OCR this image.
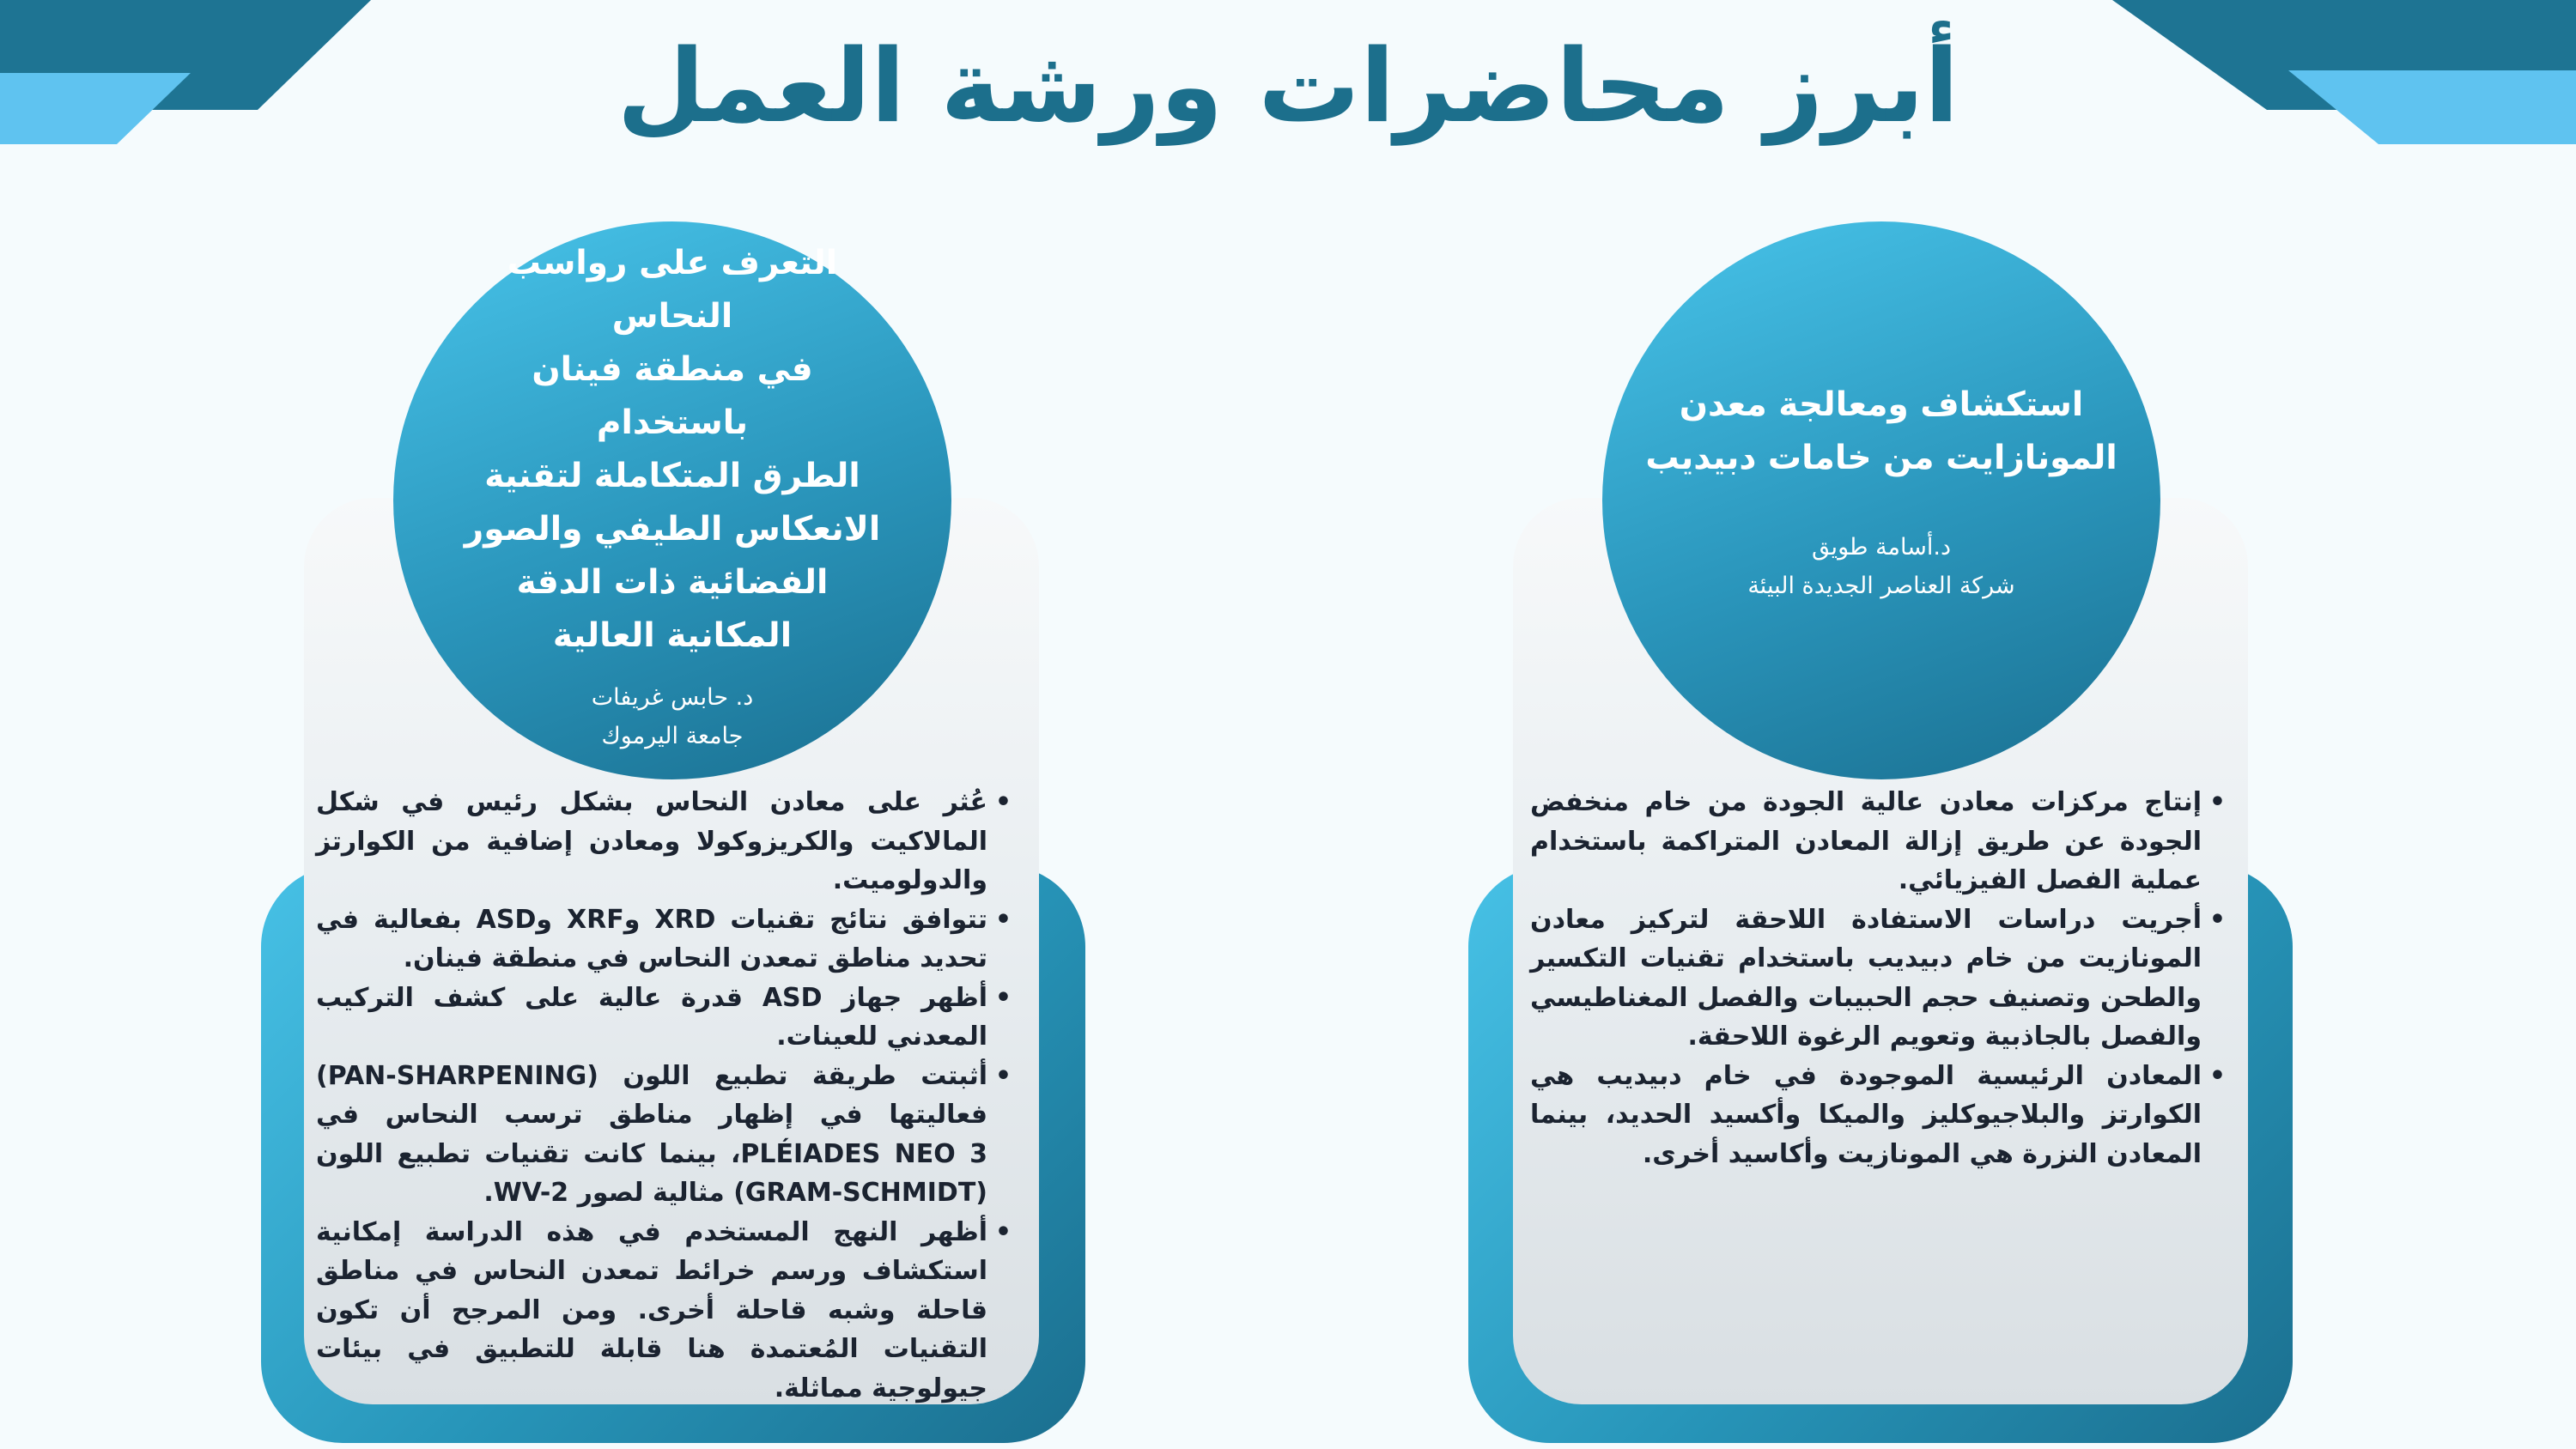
أبرز محاضرات ورشة العمل
التعرف على رواسب النحاس
في منطقة فينان باستخدام
الطرق المتكاملة لتقنية
الانعكاس الطيفي والصور
الفضائية ذات الدقة
المكانية العالية
د. حابس غريفات
جامعة اليرموك
• عُثر على معادن النحاس بشكل رئيس في شكل المالاكيت والكريزوكولا ومعادن إضافية من الكوارتز والدولوميت.
• تتوافق نتائج تقنيات XRD وXRF وASD بفعالية في تحديد مناطق تمعدن النحاس في منطقة فينان.
• أظهر جهاز ASD قدرة عالية على كشف التركيب المعدني للعينات.
• أثبتت طريقة تطبيع اللون (PAN-SHARPENING) فعاليتها في إظهار مناطق ترسب النحاس في PLÉIADES NEO 3، بينما كانت تقنيات تطبيع اللون (GRAM-SCHMIDT) مثالية لصور WV-2.
• أظهر النهج المستخدم في هذه الدراسة إمكانية استكشاف ورسم خرائط تمعدن النحاس في مناطق قاحلة وشبه قاحلة أخرى. ومن المرجح أن تكون التقنيات المُعتمدة هنا قابلة للتطبيق في بيئات جيولوجية مماثلة.
استكشاف ومعالجة معدن
المونازايت من خامات دبيديب
د.أسامة طويق
شركة العناصر الجديدة البيئة
• إنتاج مركزات معادن عالية الجودة من خام منخفض الجودة عن طريق إزالة المعادن المتراكمة باستخدام عملية الفصل الفيزيائي.
• أجريت دراسات الاستفادة اللاحقة لتركيز معادن المونازيت من خام دبيديب باستخدام تقنيات التكسير والطحن وتصنيف حجم الحبيبات والفصل المغناطيسي والفصل بالجاذبية وتعويم الرغوة اللاحقة.
• المعادن الرئيسية الموجودة في خام دبيديب هي الكوارتز والبلاجيوكليز والميكا وأكسيد الحديد، بينما المعادن النزرة هي المونازيت وأكاسيد أخرى.
